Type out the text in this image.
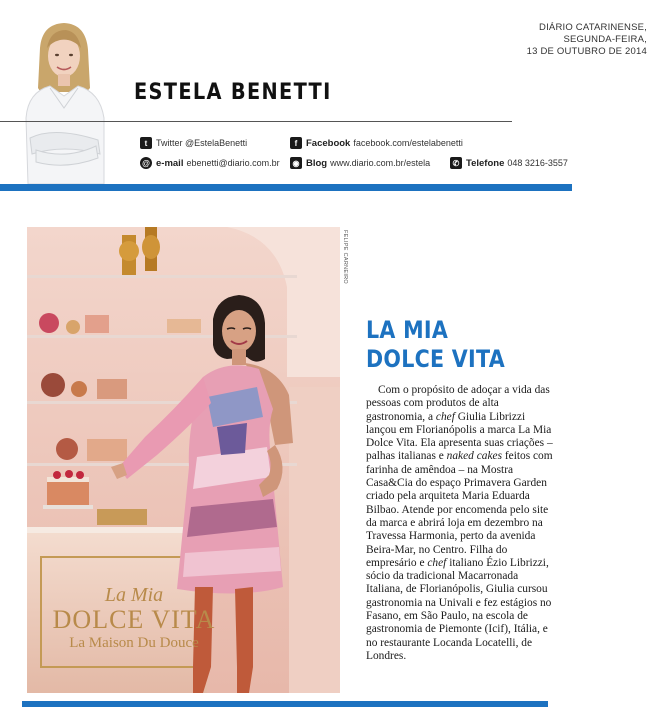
DIÁRIO CATARINENSE,
SEGUNDA-FEIRA,
13 DE OUTUBRO DE 2014
ESTELA BENETTI
t Twitter @EstelaBenetti	f Facebook facebook.com/estelabenetti
@ e-mail ebenetti@diario.com.br	◉ Blog www.diario.com.br/estela	✆ Telefone 048 3216-3557
La Mia
DOLCE VITA
La Maison Du Douce
FELIPE CARNEIRO
LA MIA
DOLCE VITA

Com o propósito de adoçar a vida das pessoas com produtos de alta gastronomia, a chef Giulia Librizzi lançou em Florianópolis a marca La Mia Dolce Vita. Ela apresenta suas criações – palhas italianas e naked cakes feitos com farinha de amêndoa – na Mostra Casa&Cia do espaço Primavera Garden criado pela arquiteta Maria Eduarda Bilbao. Atende por encomenda pelo site da marca e abrirá loja em dezembro na Travessa Harmonia, perto da avenida Beira-Mar, no Centro. Filha do empresário e chef italiano Ézio Librizzi, sócio da tradicional Macarronada Italiana, de Florianópolis, Giulia cursou gastronomia na Univali e fez estágios no Fasano, em São Paulo, na escola de gastronomia de Piemonte (Icif), Itália, e no restaurante Locanda Locatelli, de Londres.
